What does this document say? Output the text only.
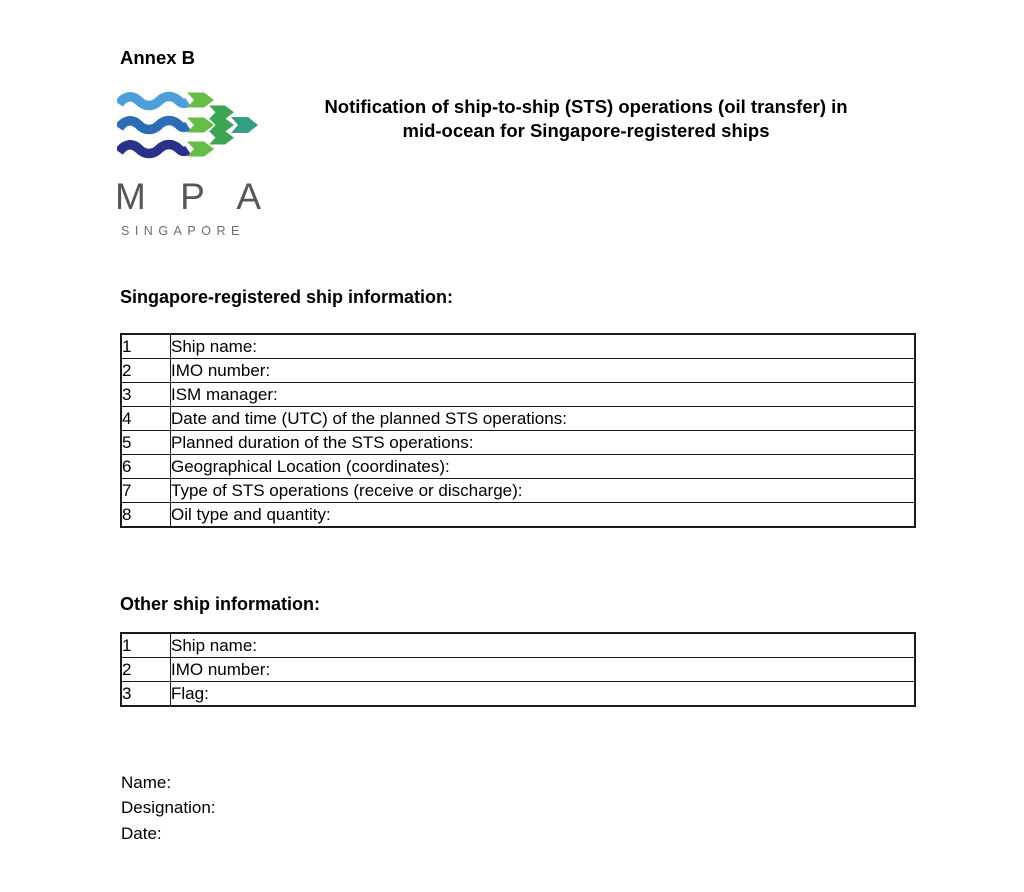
Annex B
M P A
SINGAPORE
Notification of ship-to-ship (STS) operations (oil transfer) in
mid-ocean for Singapore-registered ships
Singapore-registered ship information:
1	Ship name:
2	IMO number:
3	ISM manager:
4	Date and time (UTC) of the planned STS operations:
5	Planned duration of the STS operations:
6	Geographical Location (coordinates):
7	Type of STS operations (receive or discharge):
8	Oil type and quantity:
Other ship information:
1	Ship name:
2	IMO number:
3	Flag:
Name:
Designation:
Date:
